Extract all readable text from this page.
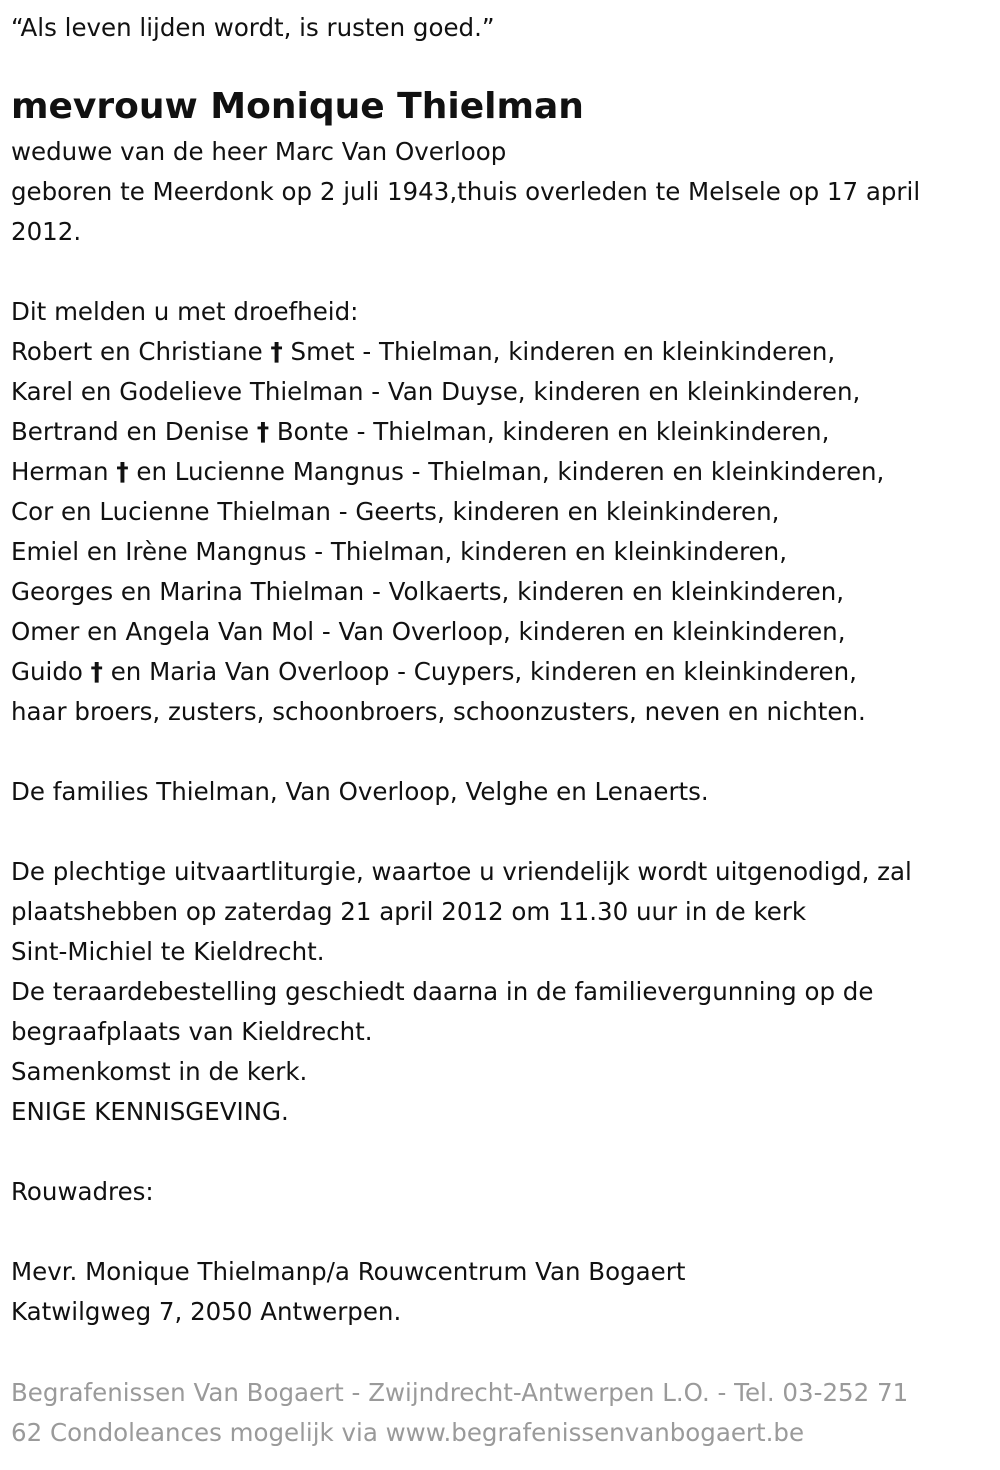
“Als leven lijden wordt, is rusten goed.”
mevrouw Monique Thielman
weduwe van de heer Marc Van Overloop
geboren te Meerdonk op 2 juli 1943,thuis overleden te Melsele op 17 april 2012.
Dit melden u met droefheid:
Robert en Christiane † Smet - Thielman, kinderen en kleinkinderen,
Karel en Godelieve Thielman - Van Duyse, kinderen en kleinkinderen,
Bertrand en Denise † Bonte - Thielman, kinderen en kleinkinderen,
Herman † en Lucienne Mangnus - Thielman, kinderen en kleinkinderen,
Cor en Lucienne Thielman - Geerts, kinderen en kleinkinderen,
Emiel en Irène Mangnus - Thielman, kinderen en kleinkinderen,
Georges en Marina Thielman - Volkaerts, kinderen en kleinkinderen,
Omer en Angela Van Mol - Van Overloop, kinderen en kleinkinderen,
Guido † en Maria Van Overloop - Cuypers, kinderen en kleinkinderen,
haar broers, zusters, schoonbroers, schoonzusters, neven en nichten.
De families Thielman, Van Overloop, Velghe en Lenaerts.
De plechtige uitvaartliturgie, waartoe u vriendelijk wordt uitgenodigd, zal
plaatshebben op zaterdag 21 april 2012 om 11.30 uur in de kerk
Sint-Michiel te Kieldrecht.
De teraardebestelling geschiedt daarna in de familievergunning op de
begraafplaats van Kieldrecht.
Samenkomst in de kerk.
ENIGE KENNISGEVING.
Rouwadres:
Mevr. Monique Thielmanp/a Rouwcentrum Van Bogaert
Katwilgweg 7, 2050 Antwerpen.
Begrafenissen Van Bogaert - Zwijndrecht-Antwerpen L.O. - Tel. 03-252 71
62 Condoleances mogelijk via www.begrafenissenvanbogaert.be
